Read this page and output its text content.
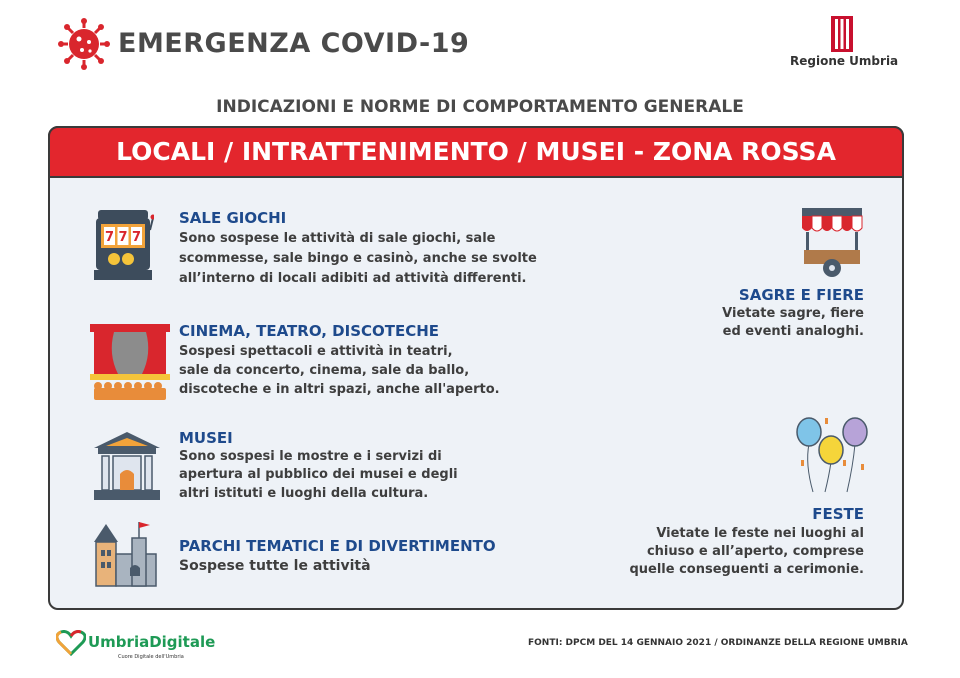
EMERGENZA COVID-19
Regione Umbria
INDICAZIONI E NORME DI COMPORTAMENTO GENERALE
LOCALI / INTRATTENIMENTO / MUSEI - ZONA ROSSA
7 7 7
SALE GIOCHI
Sono sospese le attività di sale giochi, sale
scommesse, sale bingo e casinò, anche se svolte
all’interno di locali adibiti ad attività differenti.
CINEMA, TEATRO, DISCOTECHE
Sospesi spettacoli e attività in teatri,
sale da concerto, cinema, sale da ballo,
discoteche e in altri spazi, anche all'aperto.
MUSEI
Sono sospesi le mostre e i servizi di
apertura al pubblico dei musei e degli
altri istituti e luoghi della cultura.
PARCHI TEMATICI E DI DIVERTIMENTO
Sospese tutte le attività
SAGRE E FIERE
Vietate sagre, fiere
ed eventi analoghi.
FESTE
Vietate le feste nei luoghi al
chiuso e all’aperto, comprese
quelle conseguenti a cerimonie.
UmbriaDigitale
Cuore Digitale dell'Umbria
FONTI: DPCM DEL 14 GENNAIO 2021 / ORDINANZE DELLA REGIONE UMBRIA
